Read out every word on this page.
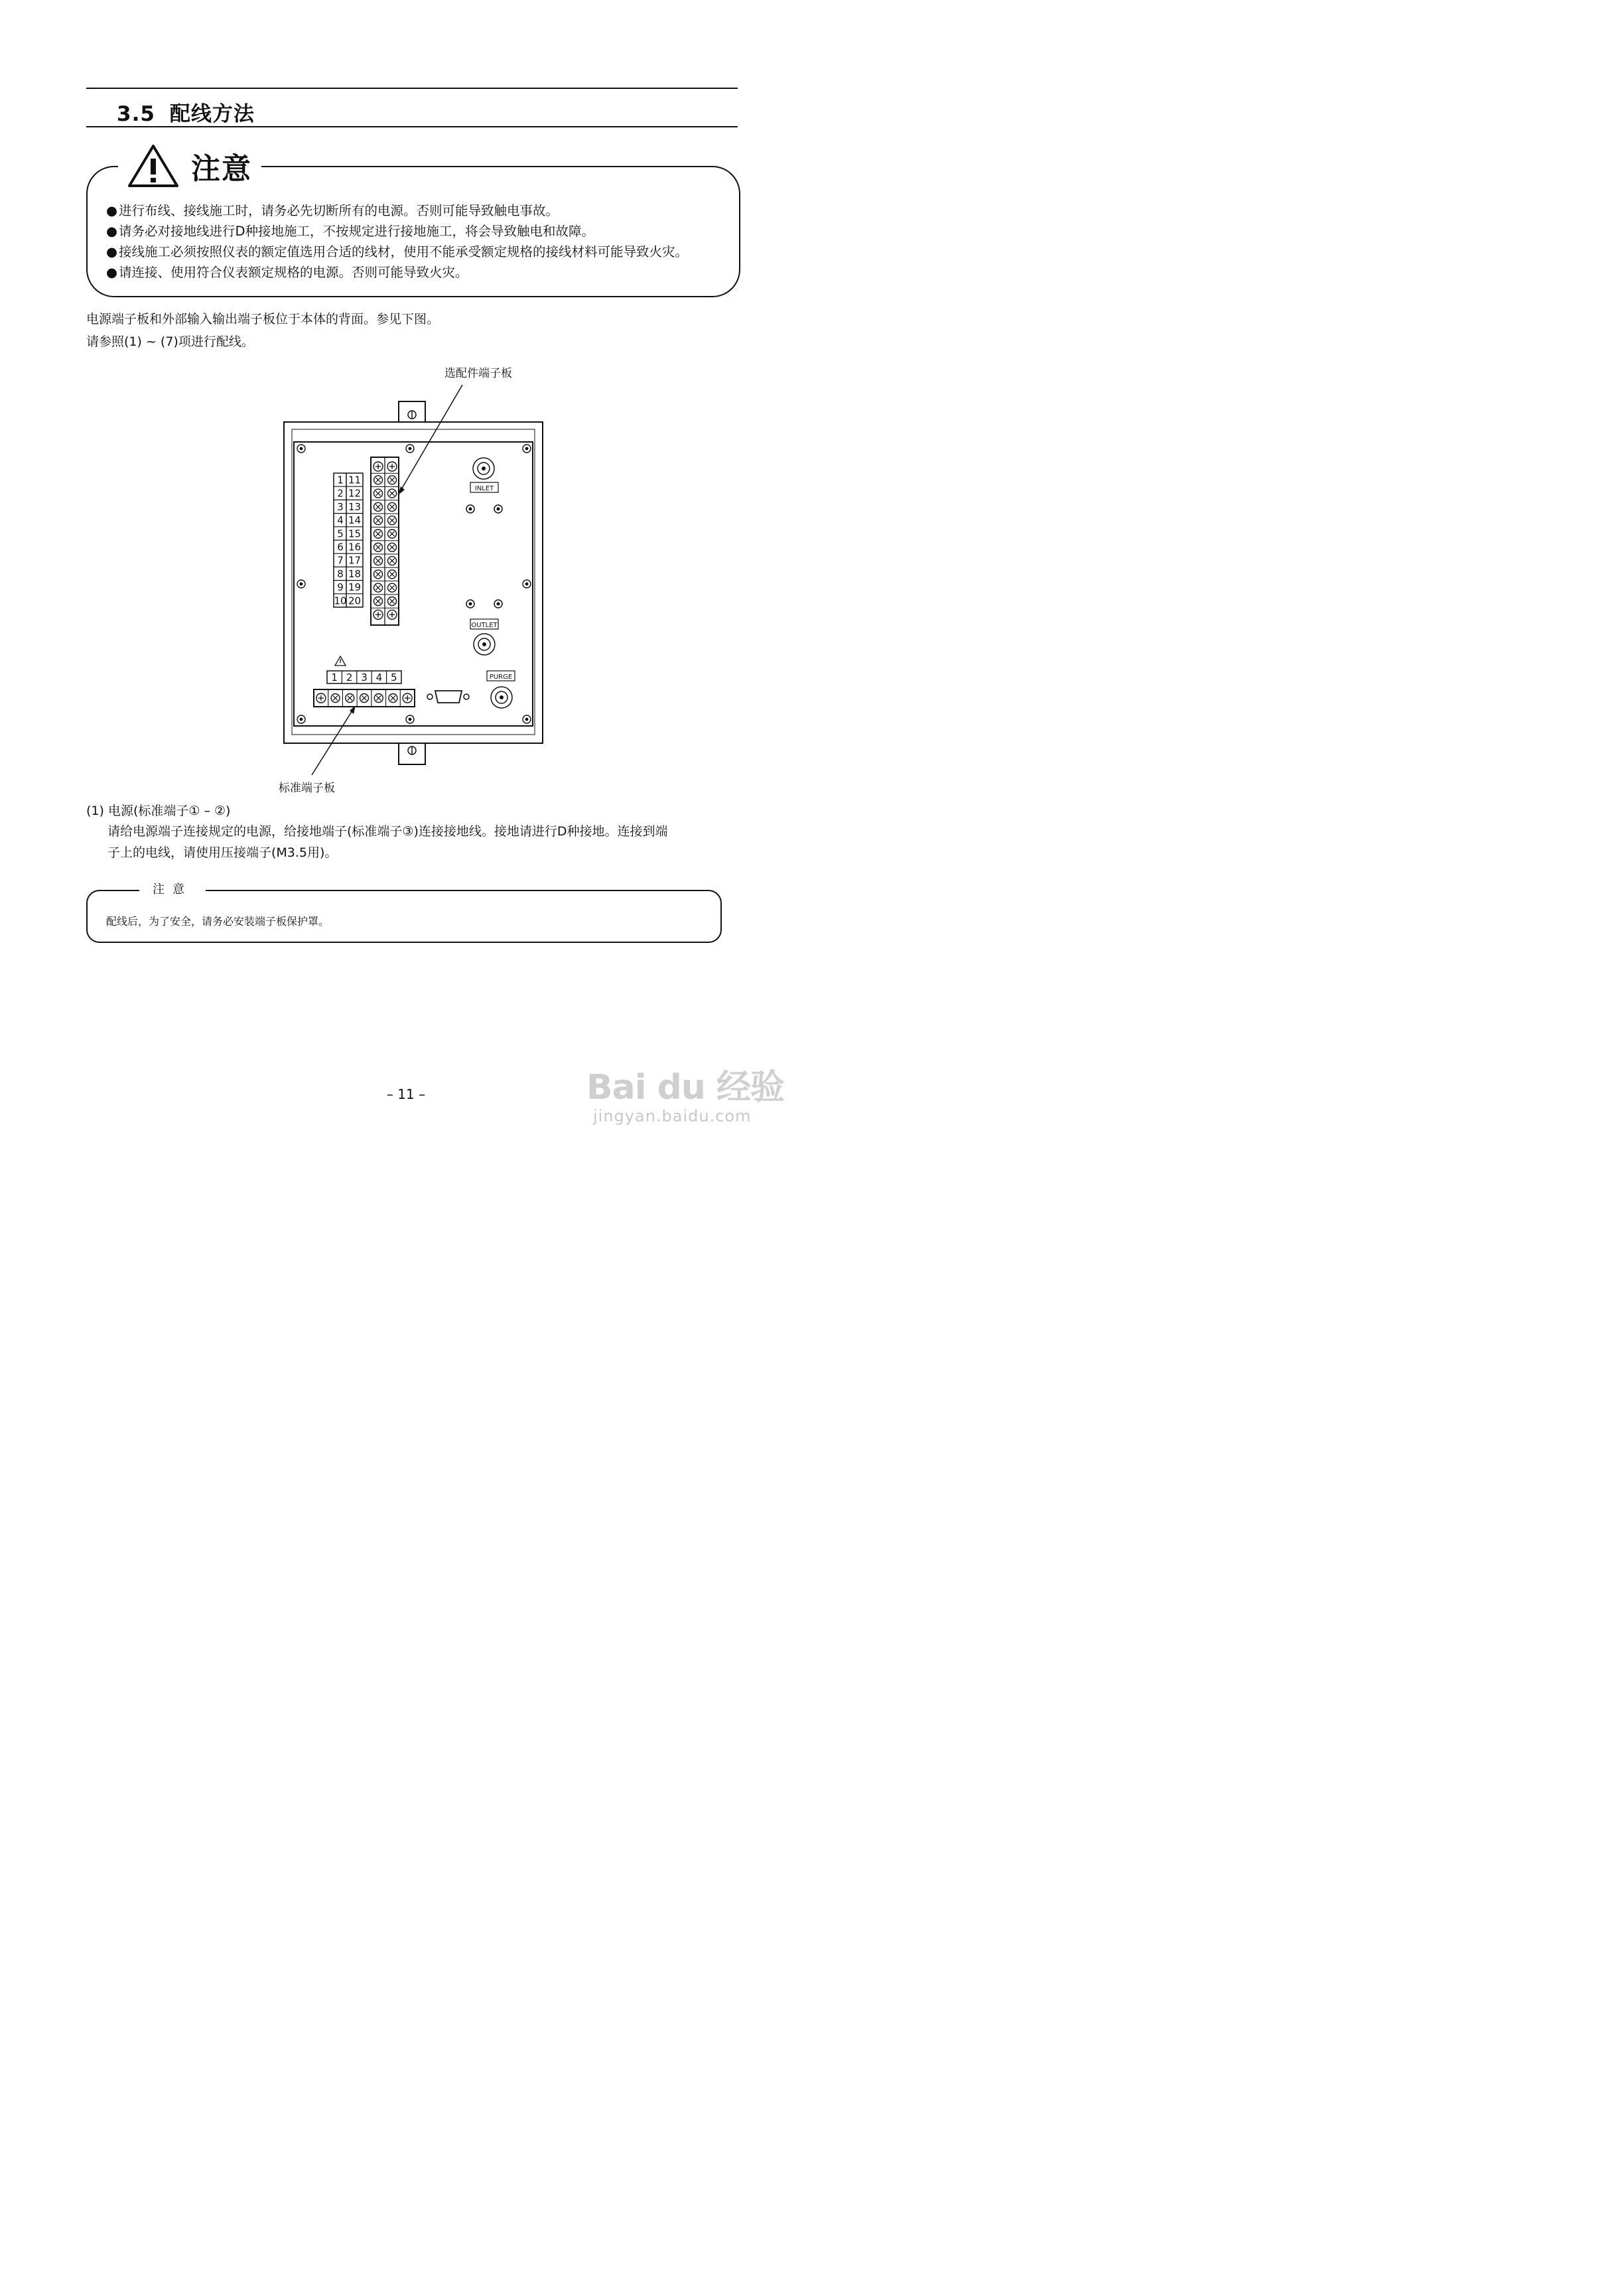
3.5 配线方法
注意
● 进行布线、接线施工时，请务必先切断所有的电源。否则可能导致触电事故。
● 请务必对接地线进行D种接地施工，不按规定进行接地施工，将会导致触电和故障。
● 接线施工必须按照仪表的额定值选用合适的线材，使用不能承受额定规格的接线材料可能导致火灾。
● 请连接、使用符合仪表额定规格的电源。否则可能导致火灾。
电源端子板和外部输入输出端子板位于本体的背面。参见下图。
请参照(1) ~ (7)项进行配线。
选配件端子板
标准端子板
1 11
2 12
3 13
4 14
5 15
6 16
7 17
8 18
9 19
10 20
INLET
OUTLET
PURGE
1 2 3 4 5
(1) 电源(标准端子① – ②)
请给电源端子连接规定的电源，给接地端子(标准端子③)连接接地线。接地请进行D种接地。连接到端
子上的电线，请使用压接端子(M3.5用)。
注意
配线后，为了安全，请务必安装端子板保护罩。
– 11 –	Bai du 经验
jingyan.baidu.com
